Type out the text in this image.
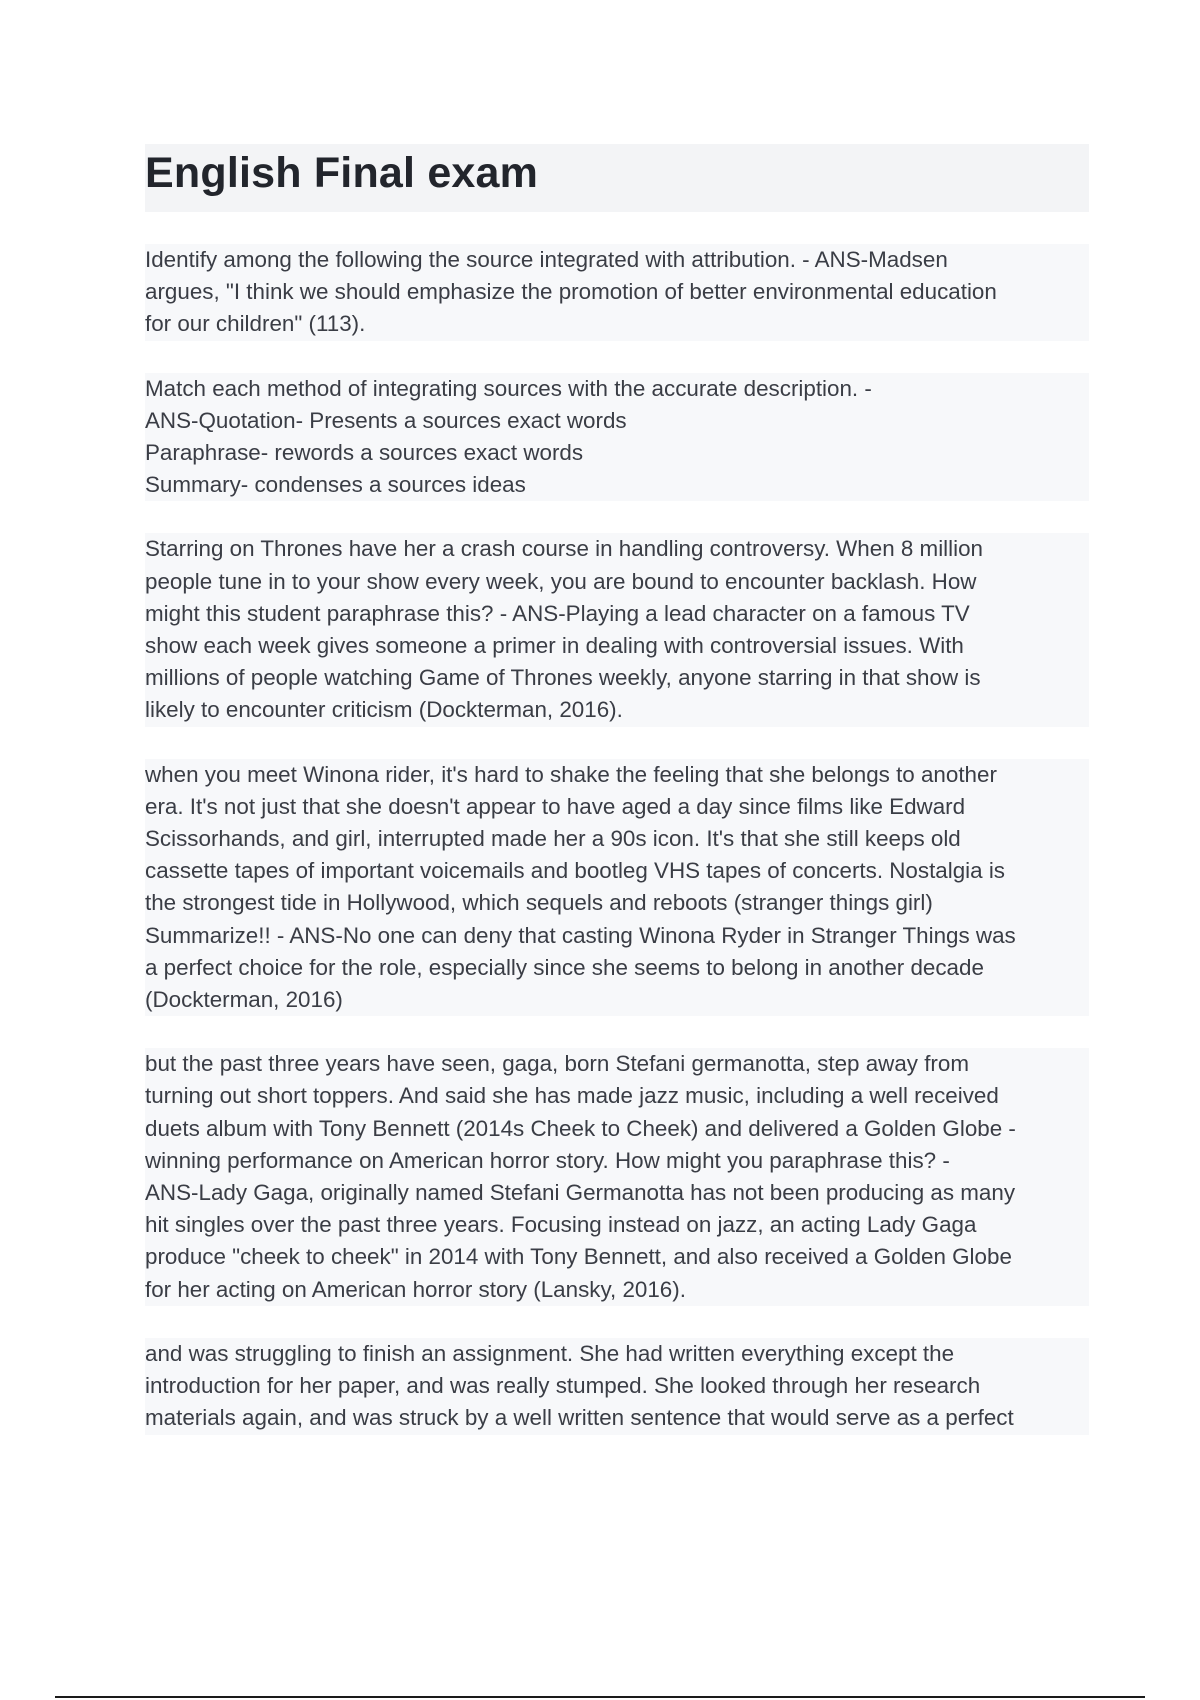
English Final exam

Identify among the following the source integrated with attribution. - ANS-Madsen
argues, "I think we should emphasize the promotion of better environmental education
for our children" (113).

Match each method of integrating sources with the accurate description. -
ANS-Quotation- Presents a sources exact words
Paraphrase- rewords a sources exact words
Summary- condenses a sources ideas

Starring on Thrones have her a crash course in handling controversy. When 8 million
people tune in to your show every week, you are bound to encounter backlash. How
might this student paraphrase this? - ANS-Playing a lead character on a famous TV
show each week gives someone a primer in dealing with controversial issues. With
millions of people watching Game of Thrones weekly, anyone starring in that show is
likely to encounter criticism (Dockterman, 2016).

when you meet Winona rider, it's hard to shake the feeling that she belongs to another
era. It's not just that she doesn't appear to have aged a day since films like Edward
Scissorhands, and girl, interrupted made her a 90s icon. It's that she still keeps old
cassette tapes of important voicemails and bootleg VHS tapes of concerts. Nostalgia is
the strongest tide in Hollywood, which sequels and reboots (stranger things girl)
Summarize!! - ANS-No one can deny that casting Winona Ryder in Stranger Things was
a perfect choice for the role, especially since she seems to belong in another decade
(Dockterman, 2016)

but the past three years have seen, gaga, born Stefani germanotta, step away from
turning out short toppers. And said she has made jazz music, including a well received
duets album with Tony Bennett (2014s Cheek to Cheek) and delivered a Golden Globe -
winning performance on American horror story. How might you paraphrase this? -
ANS-Lady Gaga, originally named Stefani Germanotta has not been producing as many
hit singles over the past three years. Focusing instead on jazz, an acting Lady Gaga
produce "cheek to cheek" in 2014 with Tony Bennett, and also received a Golden Globe
for her acting on American horror story (Lansky, 2016).

and was struggling to finish an assignment. She had written everything except the
introduction for her paper, and was really stumped. She looked through her research
materials again, and was struck by a well written sentence that would serve as a perfect
